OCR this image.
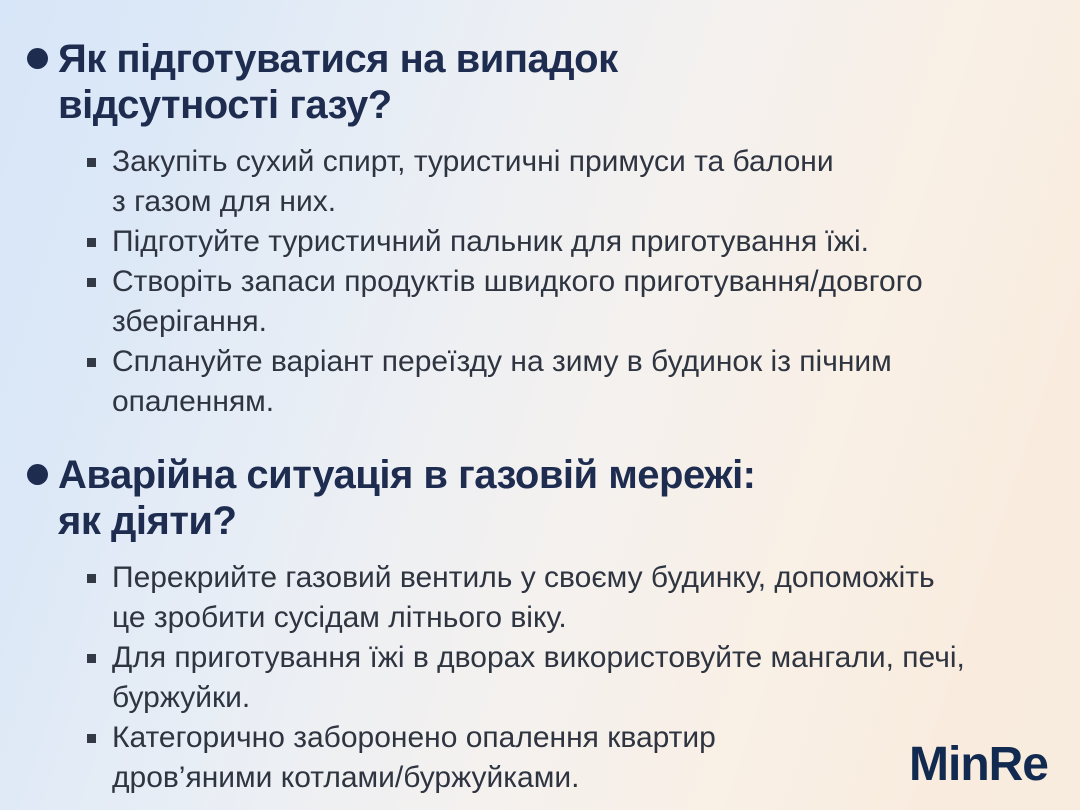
Як підготуватися на випадок
відсутності газу?
Закупіть сухий спирт, туристичні примуси та балони
з газом для них.
Підготуйте туристичний пальник для приготування їжі.
Створіть запаси продуктів швидкого приготування/довгого
зберігання.
Сплануйте варіант переїзду на зиму в будинок із пічним
опаленням.
Аварійна ситуація в газовій мережі:
як діяти?
Перекрийте газовий вентиль у своєму будинку, допоможіть
це зробити сусідам літнього віку.
Для приготування їжі в дворах використовуйте мангали, печі,
буржуйки.
Категорично заборонено опалення квартир
дров’яними котлами/буржуйками.	MinRe
